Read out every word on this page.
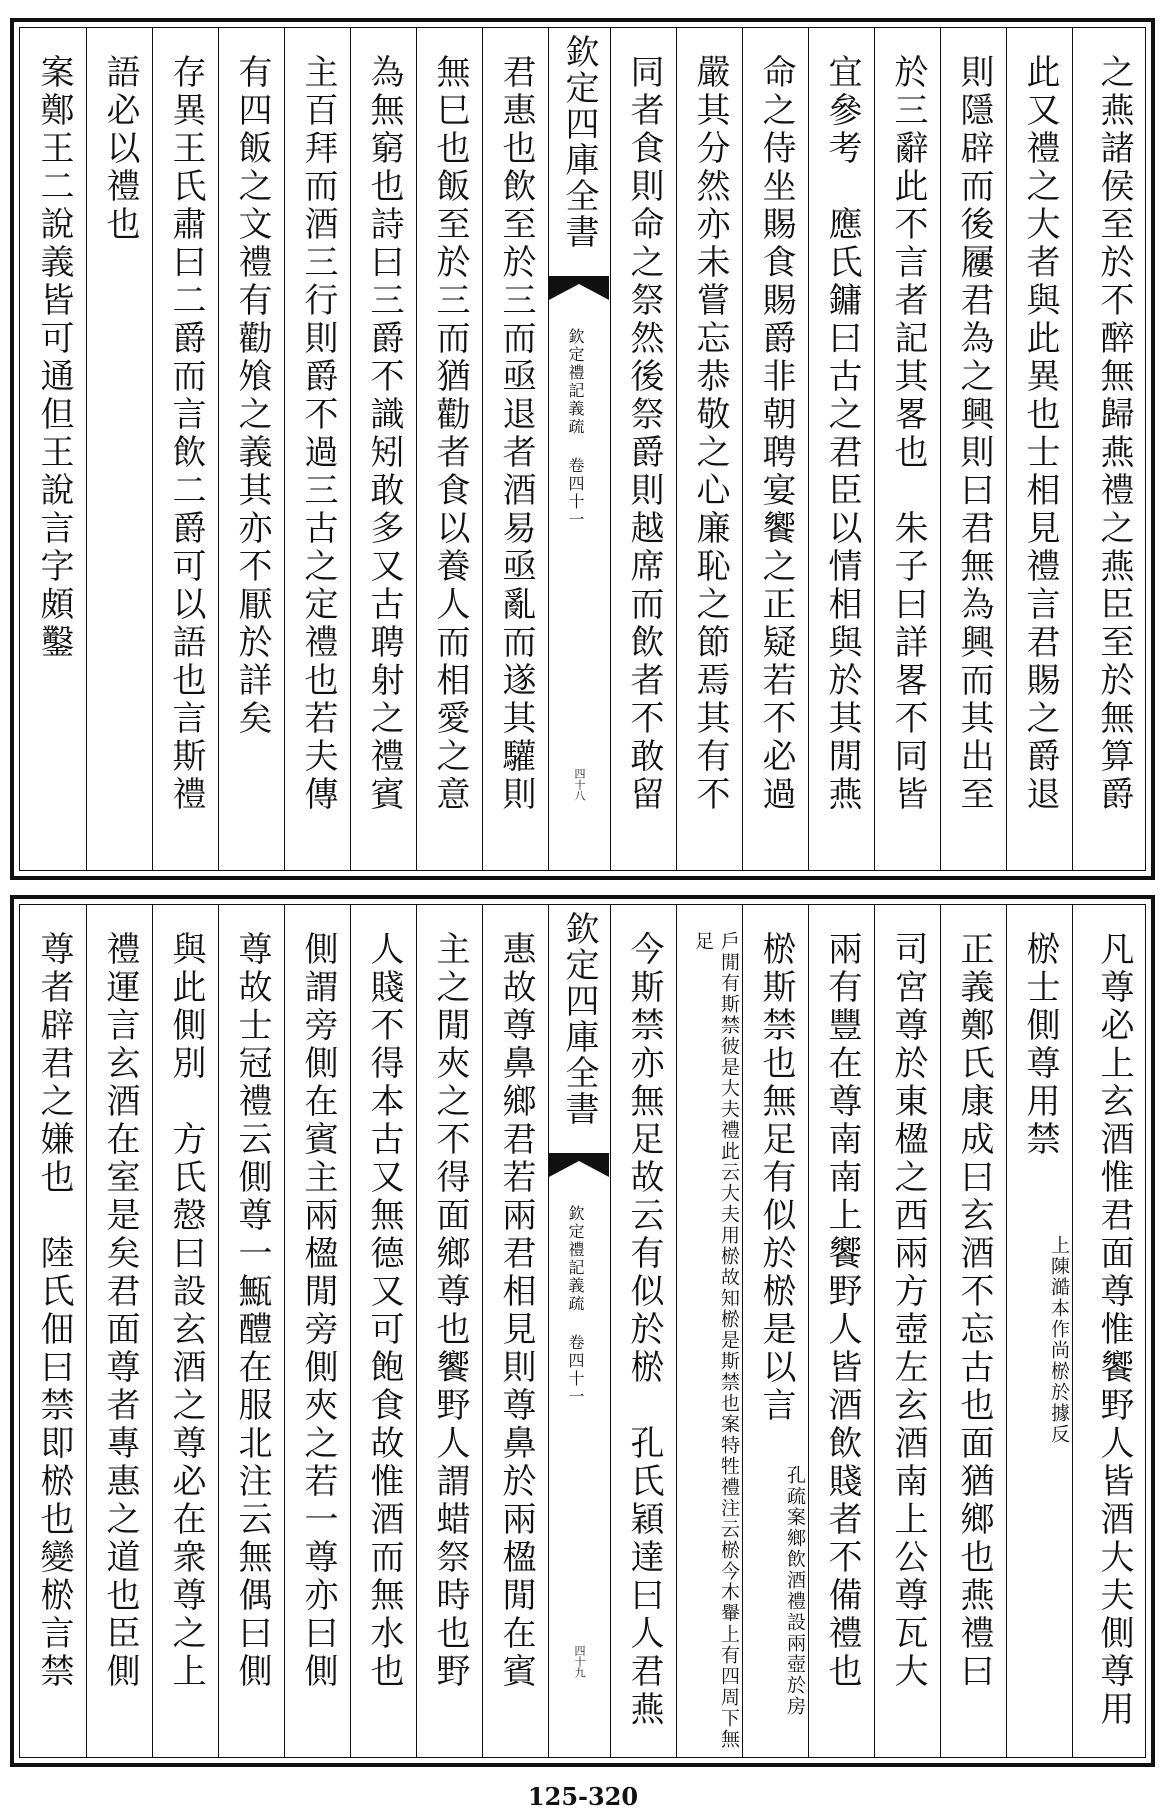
案鄭王二說義皆可通但王說言字頗鑿 語必以禮也 存異王氏肅曰二爵而言飲二爵可以語也言斯禮 有四飯之文禮有勸飧之義其亦不厭於詳矣 主百拜而酒三行則爵不過三古之定禮也若夫傳 為無窮也詩曰三爵不識矧敢多又古聘射之禮賓 無巳也飯至於三而猶勸者食以養人而相愛之意 君惠也飲至於三而亟退者酒易亟亂而遂其驩則 欽定四庫全書
欽定禮記義疏 卷四十一
四十八	同者食則命之祭然後祭爵則越席而飲者不敢留 嚴其分然亦未嘗忘恭敬之心廉恥之節焉其有不 命之侍坐賜食賜爵非朝聘宴饗之正疑若不必過 宜參考　應氏鏞曰古之君臣以情相與於其閒燕 於三辭此不言者記其畧也　朱子曰詳畧不同皆 則隱辟而後屨君為之興則曰君無為興而其出至 此又禮之大者與此異也士相見禮言君賜之爵退	之燕諸侯至於不醉無歸燕禮之燕臣至於無算爵
尊者辟君之嫌也　陸氏佃曰禁即棜也變棜言禁 禮運言玄酒在室是矣君面尊者專惠之道也臣側 與此側別　方氏慤曰設玄酒之尊必在衆尊之上 尊故士冠禮云側尊一甒醴在服北注云無偶曰側 側謂旁側在賓主兩楹閒旁側夾之若一尊亦曰側 人賤不得本古又無德又可飽食故惟酒而無水也 主之閒夾之不得面鄉尊也饗野人謂蜡祭時也野 惠故尊鼻鄉君若兩君相見則尊鼻於兩楹閒在賓 欽定四庫全書
欽定禮記義疏 卷四十一
四十九
今斯禁亦無足故云有似於棜　孔氏穎達曰人君燕	戶閒有斯禁彼是大夫禮此云大夫用棜故知棜是斯禁也案特牲禮注云棜今木轝上有四周下無足	棜斯禁也無足有似於棜是以言
孔疏案鄉飲酒禮設兩壺於房 兩有豐在尊南南上饗野人皆酒飲賤者不備禮也 司宮尊於東楹之西兩方壺左玄酒南上公尊瓦大 正義鄭氏康成曰玄酒不忘古也面猶鄉也燕禮曰 棜士側尊用禁
上陳澔本作尚棜於據反 凡尊必上玄酒惟君面尊惟饗野人皆酒大夫側尊用
125-320
